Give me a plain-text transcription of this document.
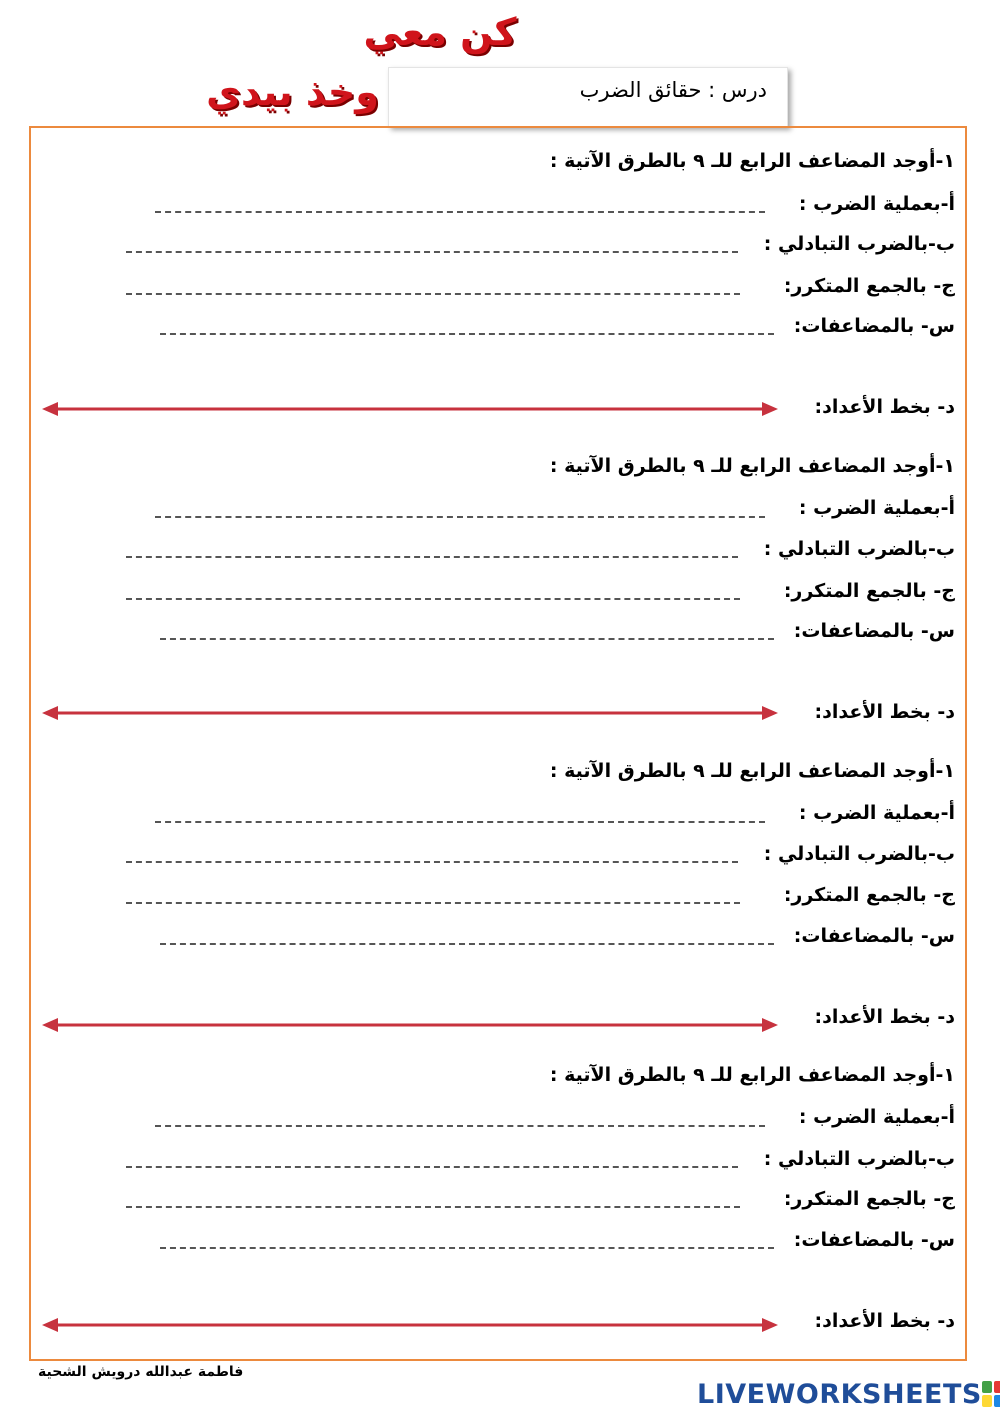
كن معي
وخذ بيدي	درس : حقائق الضرب
١-أوجد المضاعف الرابع للـ ٩ بالطرق الآتية :
أ-بعملية الضرب :
ب-بالضرب التبادلي :
ج- بالجمع المتكرر:
س- بالمضاعفات:
د- بخط الأعداد:
١-أوجد المضاعف الرابع للـ ٩ بالطرق الآتية :
أ-بعملية الضرب :
ب-بالضرب التبادلي :
ج- بالجمع المتكرر:
س- بالمضاعفات:
د- بخط الأعداد:
١-أوجد المضاعف الرابع للـ ٩ بالطرق الآتية :
أ-بعملية الضرب :
ب-بالضرب التبادلي :
ج- بالجمع المتكرر:
س- بالمضاعفات:
د- بخط الأعداد:
١-أوجد المضاعف الرابع للـ ٩ بالطرق الآتية :
أ-بعملية الضرب :
ب-بالضرب التبادلي :
ج- بالجمع المتكرر:
س- بالمضاعفات:
د- بخط الأعداد:
فاطمة عبدالله درويش الشحية
LIVEWORKSHEETS
